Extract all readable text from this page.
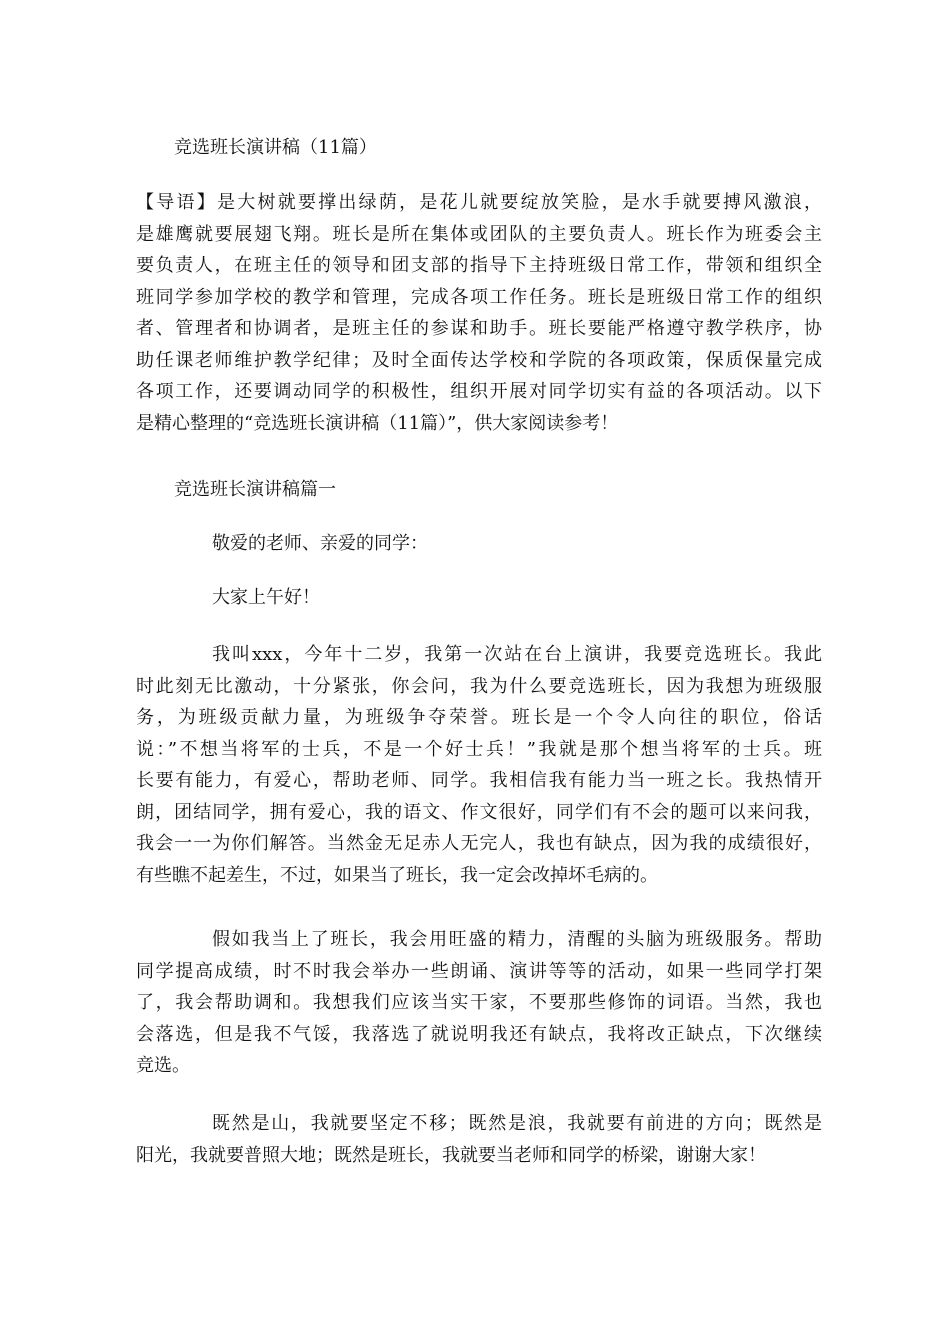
竞选班长演讲稿（11篇）
【导语】是大树就要撑出绿荫，是花儿就要绽放笑脸，是水手就要搏风激浪，
是雄鹰就要展翅飞翔。班长是所在集体或团队的主要负责人。班长作为班委会主
要负责人，在班主任的领导和团支部的指导下主持班级日常工作，带领和组织全
班同学参加学校的教学和管理，完成各项工作任务。班长是班级日常工作的组织
者、管理者和协调者，是班主任的参谋和助手。班长要能严格遵守教学秩序，协
助任课老师维护教学纪律；及时全面传达学校和学院的各项政策，保质保量完成
各项工作，还要调动同学的积极性，组织开展对同学切实有益的各项活动。以下
是精心整理的“竞选班长演讲稿（11篇）”，供大家阅读参考！
竞选班长演讲稿篇一
敬爱的老师、亲爱的同学：
大家上午好！
我叫xxx，今年十二岁，我第一次站在台上演讲，我要竞选班长。我此
时此刻无比激动，十分紧张，你会问，我为什么要竞选班长，因为我想为班级服
务，为班级贡献力量，为班级争夺荣誉。班长是一个令人向往的职位，俗话
说：”不想当将军的士兵，不是一个好士兵！”我就是那个想当将军的士兵。班
长要有能力，有爱心，帮助老师、同学。我相信我有能力当一班之长。我热情开
朗，团结同学，拥有爱心，我的语文、作文很好，同学们有不会的题可以来问我，
我会一一为你们解答。当然金无足赤人无完人，我也有缺点，因为我的成绩很好，
有些瞧不起差生，不过，如果当了班长，我一定会改掉坏毛病的。
假如我当上了班长，我会用旺盛的精力，清醒的头脑为班级服务。帮助
同学提高成绩，时不时我会举办一些朗诵、演讲等等的活动，如果一些同学打架
了，我会帮助调和。我想我们应该当实干家，不要那些修饰的词语。当然，我也
会落选，但是我不气馁，我落选了就说明我还有缺点，我将改正缺点，下次继续
竞选。
既然是山，我就要坚定不移；既然是浪，我就要有前进的方向；既然是
阳光，我就要普照大地；既然是班长，我就要当老师和同学的桥梁，谢谢大家！
